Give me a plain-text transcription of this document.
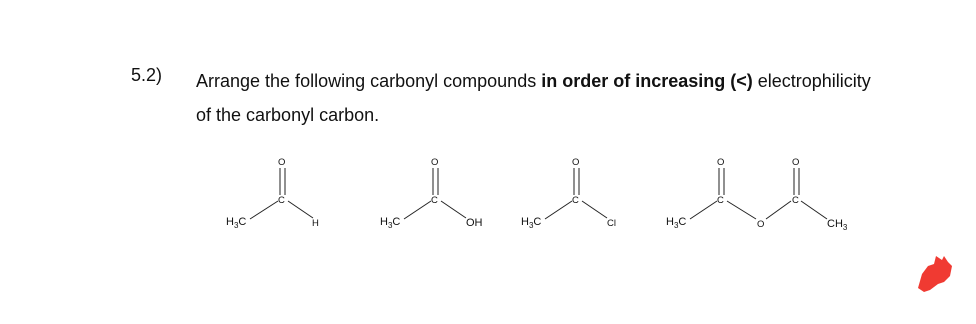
5.2) Arrange the following carbonyl compounds in order of increasing (<) electrophilicity
of the carbonyl carbon.
$H_3C$
C
O
H	$H_3C$
C
O
OH	$H_3C$
C
O
Cl	$H_3C$
C
O
O
C
O
$CH_3$
